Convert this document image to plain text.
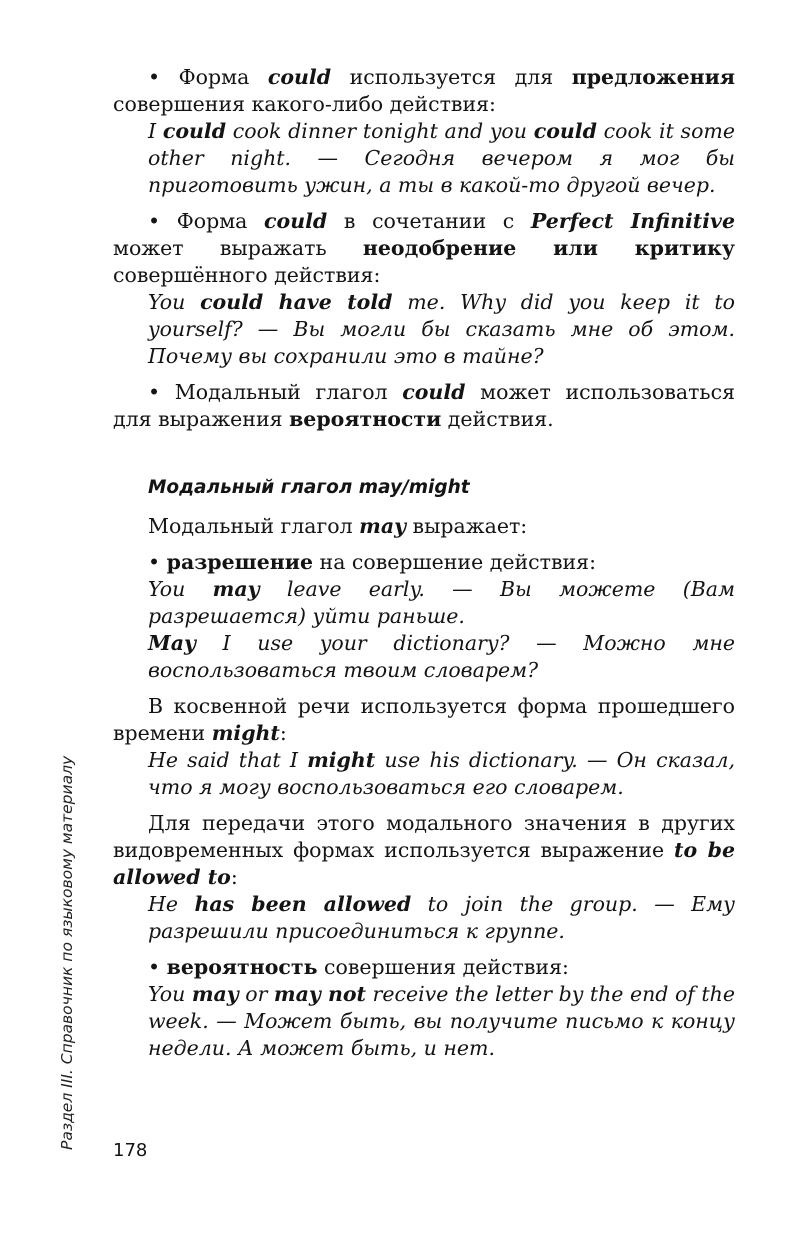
Раздел III. Справочник по языковому материалу

• Форма could используется для предложения совершения какого-либо действия:

I could cook dinner tonight and you could cook it some other night. — Сегодня вечером я мог бы приготовить ужин, а ты в какой-то другой вечер.

• Форма could в сочетании с Perfect Infinitive может выражать неодобрение или критику совершённого действия:

You could have told me. Why did you keep it to yourself? — Вы могли бы сказать мне об этом. Почему вы сохранили это в тайне?

• Модальный глагол could может использоваться для выражения вероятности действия.

Модальный глагол may/might

Модальный глагол may выражает:

• разрешение на совершение действия:

You may leave early. — Вы можете (Вам разрешается) уйти раньше.

May I use your dictionary? — Можно мне воспользоваться твоим словарем?

В косвенной речи используется форма прошедшего времени might:

He said that I might use his dictionary. — Он сказал, что я могу воспользоваться его словарем.

Для передачи этого модального значения в других видовременных формах используется выражение to be allowed to:

He has been allowed to join the group. — Ему разрешили присоединиться к группе.

• вероятность совершения действия:

You may or may not receive the letter by the end of the week. — Может быть, вы получите письмо к концу недели. А может быть, и нет.

178
